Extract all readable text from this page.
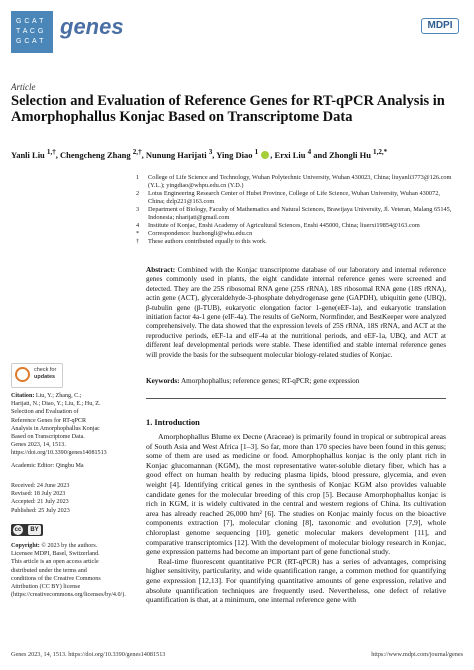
G C A T
T A C G
G C A T
genes	MDPI
Article
Selection and Evaluation of Reference Genes for RT-qPCR Analysis in Amorphophallus Konjac Based on Transcriptome Data
Yanli Liu $^{1,\dagger}$, Chengcheng Zhang $^{2,\dagger}$, Nunung Harijati $^3$, Ying Diao $^1$ , Erxi Liu $^4$ and Zhongli Hu $^{1,2,*}$
1	College of Life Science and Technology, Wuhan Polytechnic University, Wuhan 430023, China; liuyanli3773@126.com (Y.L.); yingdiao@whpu.edu.cn (Y.D.)
2	Lotus Engineering Research Center of Hubei Province, College of Life Science, Wuhan University, Wuhan 430072, China; dzlp221@163.com
3	Department of Biology, Faculty of Mathematics and Natural Sciences, Brawijaya University, Jl. Veteran, Malang 65145, Indonesia; nharijati@gmail.com
4	Institute of Konjac, Enshi Academy of Agricultural Sciences, Enshi 445000, China; liuerxi19854@163.com
*	Correspondence: huzhongli@whu.edu.cn
†	These authors contributed equally to this work.
Abstract: Combined with the Konjac transcriptome database of our laboratory and internal reference genes commonly used in plants, the eight candidate internal reference genes were screened and detected. They are the 25S ribosomal RNA gene (25S rRNA), 18S ribosomal RNA gene (18S rRNA), actin gene (ACT), glyceraldehyde-3-phosphate dehydrogenase gene (GAPDH), ubiquitin gene (UBQ), β-tubulin gene (β-TUB), eukaryotic elongation factor 1-gene(eEF-1a), and eukaryotic translation initiation factor 4a-1 gene (eIF-4a). The results of GeNorm, Normfinder, and BestKeeper were analyzed comprehensively. The data showed that the expression levels of 25S rRNA, 18S rRNA, and ACT at the reproductive periods, eEF-1a and eIF-4a at the nutritional periods, and eEF-1a, UBQ, and ACT at different leaf developmental periods were stable. These identified and stable internal reference genes will provide the basis for the subsequent molecular biology-related studies of Konjac.
Keywords: Amorphophallus; reference genes; RT-qPCR; gene expression
check for
updates
Citation: Liu, Y.; Zhang, C.; Harijati, N.; Diao, Y.; Liu, E.; Hu, Z. Selection and Evaluation of Reference Genes for RT-qPCR Analysis in Amorphophallus Konjac Based on Transcriptome Data. Genes 2023, 14, 1513. https://doi.org/10.3390/genes14081513
Academic Editor: Qingbu Ma
Received: 24 June 2023
Revised: 18 July 2023
Accepted: 21 July 2023
Published: 25 July 2023
cc	BY
Copyright: © 2023 by the authors. Licensee MDPI, Basel, Switzerland. This article is an open access article distributed under the terms and conditions of the Creative Commons Attribution (CC BY) license (https://creativecommons.org/licenses/by/4.0/).
1. Introduction

Amorphophallus Blume ex Decne (Araceae) is primarily found in tropical or subtropical areas of South Asia and West Africa [1–3]. So far, more than 170 species have been found in this genus; some of them are used as medicine or food. Amorphophallus konjac is the only plant rich in Konjac glucomannan (KGM), the most representative water-soluble dietary fiber, which has a good effect on human health by reducing plasma lipids, blood pressure, glycemia, and even weight [4]. Identifying critical genes in the synthesis of Konjac KGM also provides valuable candidate genes for the molecular breeding of this crop [5]. Because Amorphophallus konjac is rich in KGM, it is widely cultivated in the central and western regions of China. Its cultivation area has already reached 26,000 hm² [6]. The studies on Konjac mainly focus on the bioactive components extraction [7], molecular cloning [8], taxonomic and evolution [7,9], whole chloroplast genome sequencing [10], genetic molecular makers development [11], and comparative transcriptomics [12]. With the development of molecular biology research in Konjac, gene expression patterns had become an important part of gene functional study.

Real-time fluorescent quantitative PCR (RT-qPCR) has a series of advantages, comprising higher sensitivity, particularity, and wide quantification range, a common method for quantifying gene expression [12,13]. For quantifying quantitative amounts of gene expression, relative and absolute quantification techniques are frequently used. Nevertheless, one defect of relative quantification is that, at a minimum, one internal reference gene with

Genes 2023, 14, 1513. https://doi.org/10.3390/genes14081513	https://www.mdpi.com/journal/genes
